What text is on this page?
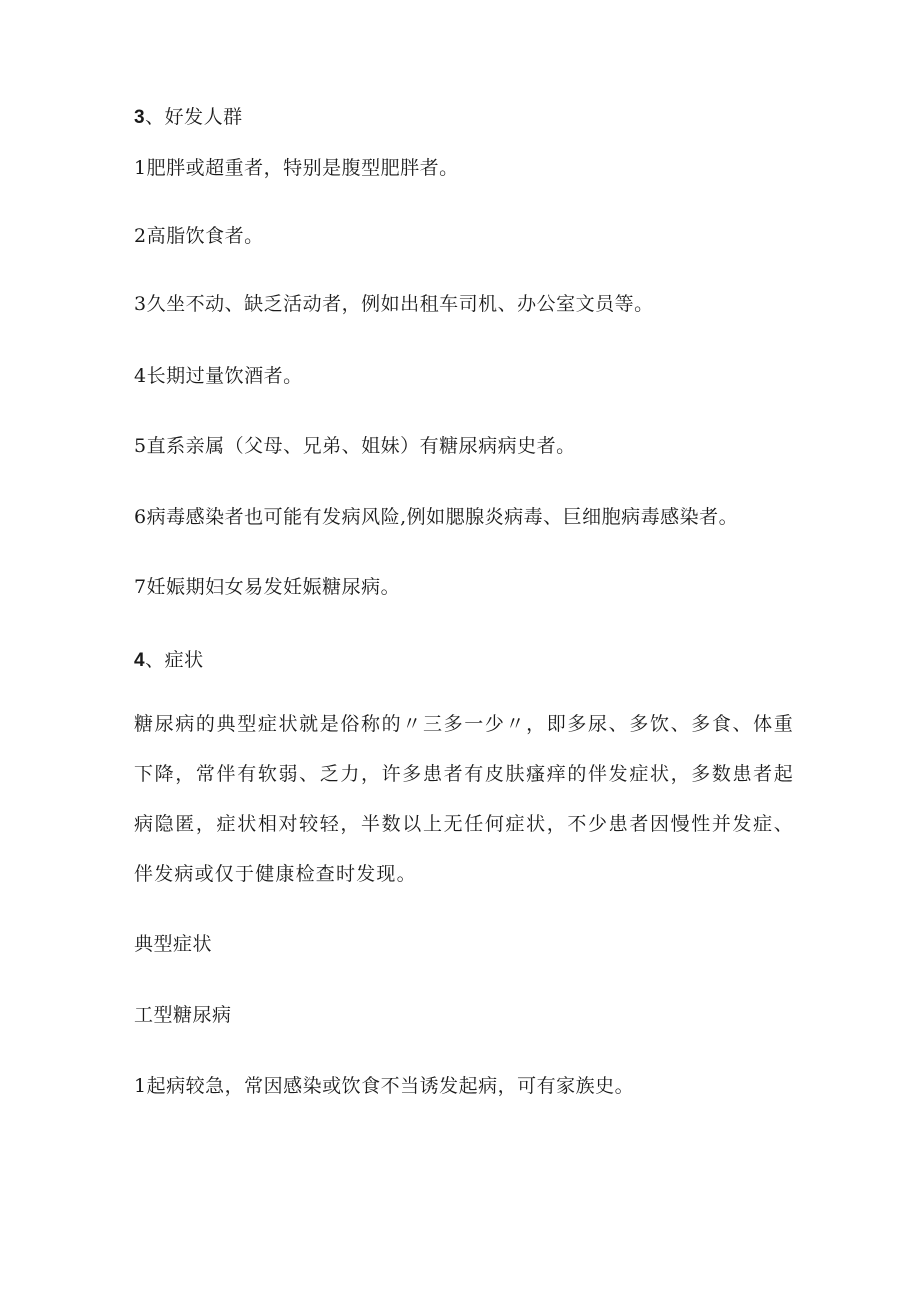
3、好发人群
1肥胖或超重者，特别是腹型肥胖者。
2高脂饮食者。
3久坐不动、缺乏活动者，例如出租车司机、办公室文员等。
4长期过量饮酒者。
5直系亲属（父母、兄弟、姐妹）有糖尿病病史者。
6病毒感染者也可能有发病风险,例如腮腺炎病毒、巨细胞病毒感染者。
7妊娠期妇女易发妊娠糖尿病。
4、症状
糖尿病的典型症状就是俗称的〃三多一少〃，即多尿、多饮、多食、体重下降，常伴有软弱、乏力，许多患者有皮肤瘙痒的伴发症状，多数患者起病隐匿，症状相对较轻，半数以上无任何症状，不少患者因慢性并发症、伴发病或仅于健康检查时发现。
典型症状
工型糖尿病
1起病较急，常因感染或饮食不当诱发起病，可有家族史。
